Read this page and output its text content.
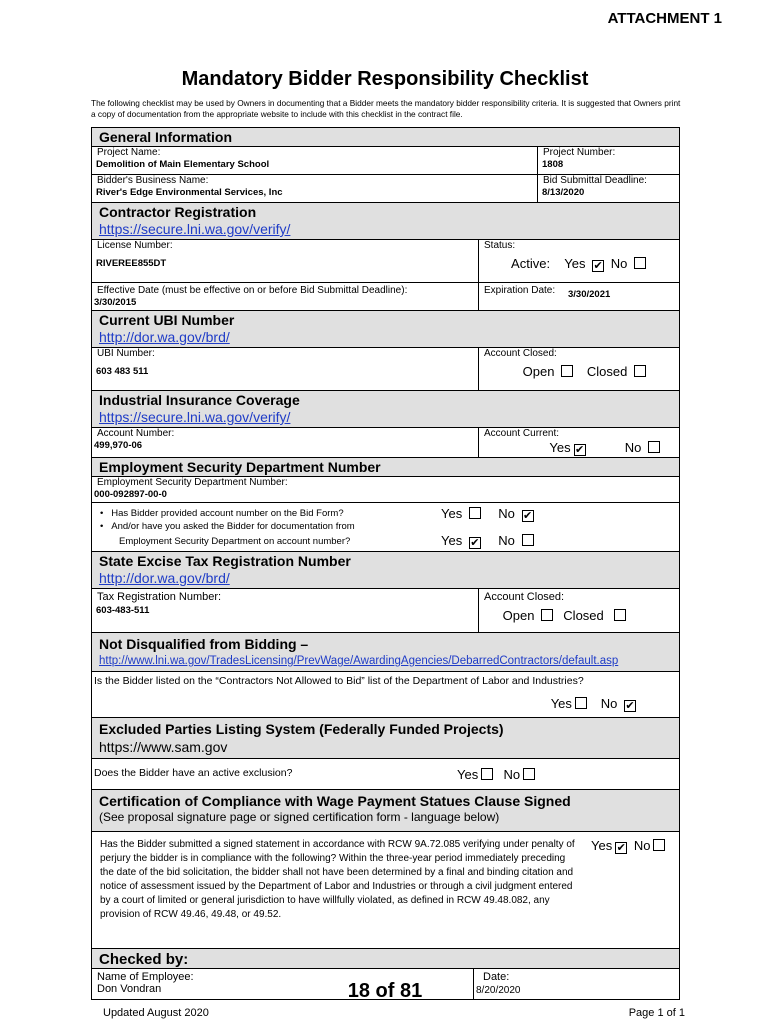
ATTACHMENT 1
Mandatory Bidder Responsibility Checklist
The following checklist may be used by Owners in documenting that a Bidder meets the mandatory bidder responsibility criteria. It is suggested that Owners print a copy of documentation from the appropriate website to include with this checklist in the contract file.
General Information
Project Name:
Demolition of Main Elementary School
Project Number:
1808
Bidder's Business Name:
River's Edge Environmental Services, Inc
Bid Submittal Deadline:
8/13/2020
Contractor Registration
https://secure.lni.wa.gov/verify/
License Number:
RIVEREE855DT
Status:
Active: Yes ✔ No
Effective Date (must be effective on or before Bid Submittal Deadline):
3/30/2015
Expiration Date:	3/30/2021
Current UBI Number
http://dor.wa.gov/brd/
UBI Number:
603 483 511
Account Closed:
Open Closed
Industrial Insurance Coverage
https://secure.lni.wa.gov/verify/
Account Number:
499,970-06
Account Current:
Yes ✔	No
Employment Security Department Number
Employment Security Department Number:
000-092897-00-0
•   Has Bidder provided account number on the Bid Form?
•   And/or have you asked the Bidder for documentation from
Employment Security Department on account number?
Yes	No ✔
Yes ✔ No
State Excise Tax Registration Number
http://dor.wa.gov/brd/
Tax Registration Number:
603-483-511
Account Closed:
Open Closed
Not Disqualified from Bidding –
http://www.lni.wa.gov/TradesLicensing/PrevWage/AwardingAgencies/DebarredContractors/default.asp
Is the Bidder listed on the “Contractors Not Allowed to Bid” list of the Department of Labor and Industries?
Yes No ✔
Excluded Parties Listing System (Federally Funded Projects)
https://www.sam.gov
Does the Bidder have an active exclusion?	Yes No
Certification of Compliance with Wage Payment Statues Clause Signed
(See proposal signature page or signed certification form - language below)
Has the Bidder submitted a signed statement in accordance with RCW 9A.72.085 verifying under penalty of perjury the bidder is in compliance with the following? Within the three-year period immediately preceding the date of the bid solicitation, the bidder shall not have been determined by a final and binding citation and notice of assessment issued by the Department of Labor and Industries or through a civil judgment entered by a court of limited or general jurisdiction to have willfully violated, as defined in RCW 49.48.082, any provision of RCW 49.46, 49.48, or 49.52.
Yes ✔ No
Checked by:
Name of Employee:
Don Vondran
Date:
8/20/2020
18 of 81
Updated August 2020	Page 1 of 1
